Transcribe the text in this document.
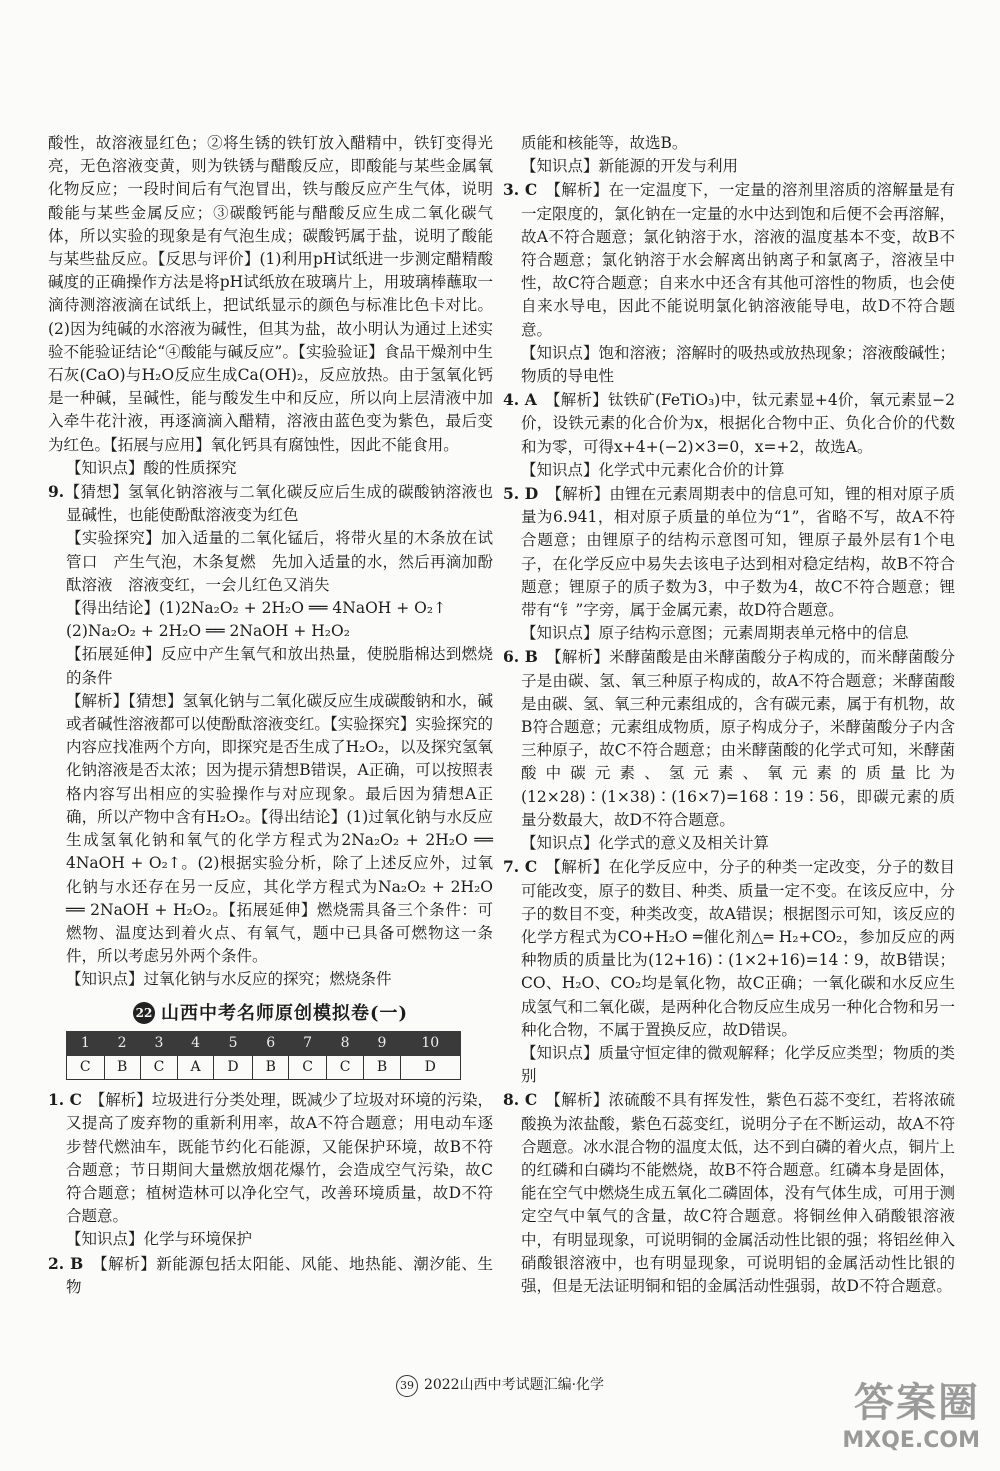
酸性，故溶液显红色；②将生锈的铁钉放入醋精中，铁钉变得光亮，无色溶液变黄，则为铁锈与醋酸反应，即酸能与某些金属氧化物反应；一段时间后有气泡冒出，铁与酸反应产生气体，说明酸能与某些金属反应；③碳酸钙能与醋酸反应生成二氧化碳气体，所以实验的现象是有气泡生成；碳酸钙属于盐，说明了酸能与某些盐反应。【反思与评价】(1)利用pH试纸进一步测定醋精酸碱度的正确操作方法是将pH试纸放在玻璃片上，用玻璃棒蘸取一滴待测溶液滴在试纸上，把试纸显示的颜色与标准比色卡对比。(2)因为纯碱的水溶液为碱性，但其为盐，故小明认为通过上述实验不能验证结论“④酸能与碱反应”。【实验验证】食品干燥剂中生石灰(CaO)与H₂O反应生成Ca(OH)₂，反应放热。由于氢氧化钙是一种碱，呈碱性，能与酸发生中和反应，所以向上层清液中加入牵牛花汁液，再逐滴滴入醋精，溶液由蓝色变为紫色，最后变为红色。【拓展与应用】氧化钙具有腐蚀性，因此不能食用。

【知识点】酸的性质探究

9.【猜想】氢氧化钠溶液与二氧化碳反应后生成的碳酸钠溶液也显碱性，也能使酚酞溶液变为红色

【实验探究】加入适量的二氧化锰后，将带火星的木条放在试管口　产生气泡，木条复燃　先加入适量的水，然后再滴加酚酞溶液　溶液变红，一会儿红色又消失

【得出结论】(1)2Na₂O₂ + 2H₂O ══ 4NaOH + O₂↑

(2)Na₂O₂ + 2H₂O ══ 2NaOH + H₂O₂

【拓展延伸】反应中产生氧气和放出热量，使脱脂棉达到燃烧的条件

【解析】【猜想】氢氧化钠与二氧化碳反应生成碳酸钠和水，碱或者碱性溶液都可以使酚酞溶液变红。【实验探究】实验探究的内容应找准两个方向，即探究是否生成了H₂O₂，以及探究氢氧化钠溶液是否太浓；因为提示猜想B错误，A正确，可以按照表格内容写出相应的实验操作与对应现象。最后因为猜想A正确，所以产物中含有H₂O₂。【得出结论】(1)过氧化钠与水反应生成氢氧化钠和氧气的化学方程式为2Na₂O₂ + 2H₂O ══ 4NaOH + O₂↑。(2)根据实验分析，除了上述反应外，过氧化钠与水还存在另一反应，其化学方程式为Na₂O₂ + 2H₂O ══ 2NaOH + H₂O₂。【拓展延伸】燃烧需具备三个条件：可燃物、温度达到着火点、有氧气，题中已具备可燃物这一条件，所以考虑另外两个条件。

【知识点】过氧化钠与水反应的探究；燃烧条件

22 山西中考名师原创模拟卷(一)
1	2	3	4	5	6	7	8	9	10
C	B	C	A	D	B	C	C	B	D

1. C　 【解析】垃圾进行分类处理，既减少了垃圾对环境的污染，又提高了废弃物的重新利用率，故A不符合题意；用电动车逐步替代燃油车，既能节约化石能源，又能保护环境，故B不符合题意；节日期间大量燃放烟花爆竹，会造成空气污染，故C符合题意；植树造林可以净化空气，改善环境质量，故D不符合题意。

【知识点】化学与环境保护

2. B　 【解析】新能源包括太阳能、风能、地热能、潮汐能、生物

质能和核能等，故选B。

【知识点】新能源的开发与利用

3. C　 【解析】在一定温度下，一定量的溶剂里溶质的溶解量是有一定限度的，氯化钠在一定量的水中达到饱和后便不会再溶解，故A不符合题意；氯化钠溶于水，溶液的温度基本不变，故B不符合题意；氯化钠溶于水会解离出钠离子和氯离子，溶液呈中性，故C符合题意；自来水中还含有其他可溶性的物质，也会使自来水导电，因此不能说明氯化钠溶液能导电，故D不符合题意。

【知识点】饱和溶液；溶解时的吸热或放热现象；溶液酸碱性；物质的导电性

4. A　 【解析】钛铁矿(FeTiO₃)中，钛元素显+4价，氧元素显−2价，设铁元素的化合价为x，根据化合物中正、负化合价的代数和为零，可得x+4+(−2)×3=0，x=+2，故选A。

【知识点】化学式中元素化合价的计算

5. D　 【解析】由锂在元素周期表中的信息可知，锂的相对原子质量为6.941，相对原子质量的单位为“1”，省略不写，故A不符合题意；由锂原子的结构示意图可知，锂原子最外层有1个电子，在化学反应中易失去该电子达到相对稳定结构，故B不符合题意；锂原子的质子数为3，中子数为4，故C不符合题意；锂带有“钅”字旁，属于金属元素，故D符合题意。

【知识点】原子结构示意图；元素周期表单元格中的信息

6. B　 【解析】米酵菌酸是由米酵菌酸分子构成的，而米酵菌酸分子是由碳、氢、氧三种原子构成的，故A不符合题意；米酵菌酸是由碳、氢、氧三种元素组成的，含有碳元素，属于有机物，故B符合题意；元素组成物质，原子构成分子，米酵菌酸分子内含三种原子，故C不符合题意；由米酵菌酸的化学式可知，米酵菌酸中碳元素、氢元素、氧元素的质量比为(12×28)∶(1×38)∶(16×7)=168∶19∶56，即碳元素的质量分数最大，故D不符合题意。

【知识点】化学式的意义及相关计算

7. C　 【解析】在化学反应中，分子的种类一定改变，分子的数目可能改变，原子的数目、种类、质量一定不变。在该反应中，分子的数目不变，种类改变，故A错误；根据图示可知，该反应的化学方程式为CO+H₂O ═催化剂△═ H₂+CO₂，参加反应的两种物质的质量比为(12+16)∶(1×2+16)=14∶9，故B错误；CO、H₂O、CO₂均是氧化物，故C正确；一氧化碳和水反应生成氢气和二氧化碳，是两种化合物反应生成另一种化合物和另一种化合物，不属于置换反应，故D错误。

【知识点】质量守恒定律的微观解释；化学反应类型；物质的类别

8. C　 【解析】浓硫酸不具有挥发性，紫色石蕊不变红，若将浓硫酸换为浓盐酸，紫色石蕊变红，说明分子在不断运动，故A不符合题意。冰水混合物的温度太低，达不到白磷的着火点，铜片上的红磷和白磷均不能燃烧，故B不符合题意。红磷本身是固体，能在空气中燃烧生成五氧化二磷固体，没有气体生成，可用于测定空气中氧气的含量，故C符合题意。将铜丝伸入硝酸银溶液中，有明显现象，可说明铜的金属活动性比银的强；将铝丝伸入硝酸银溶液中，也有明显现象，可说明铝的金属活动性比银的强，但是无法证明铜和铝的金属活动性强弱，故D不符合题意。

39 2022山西中考试题汇编·化学	答案圈
MXQE.COM
